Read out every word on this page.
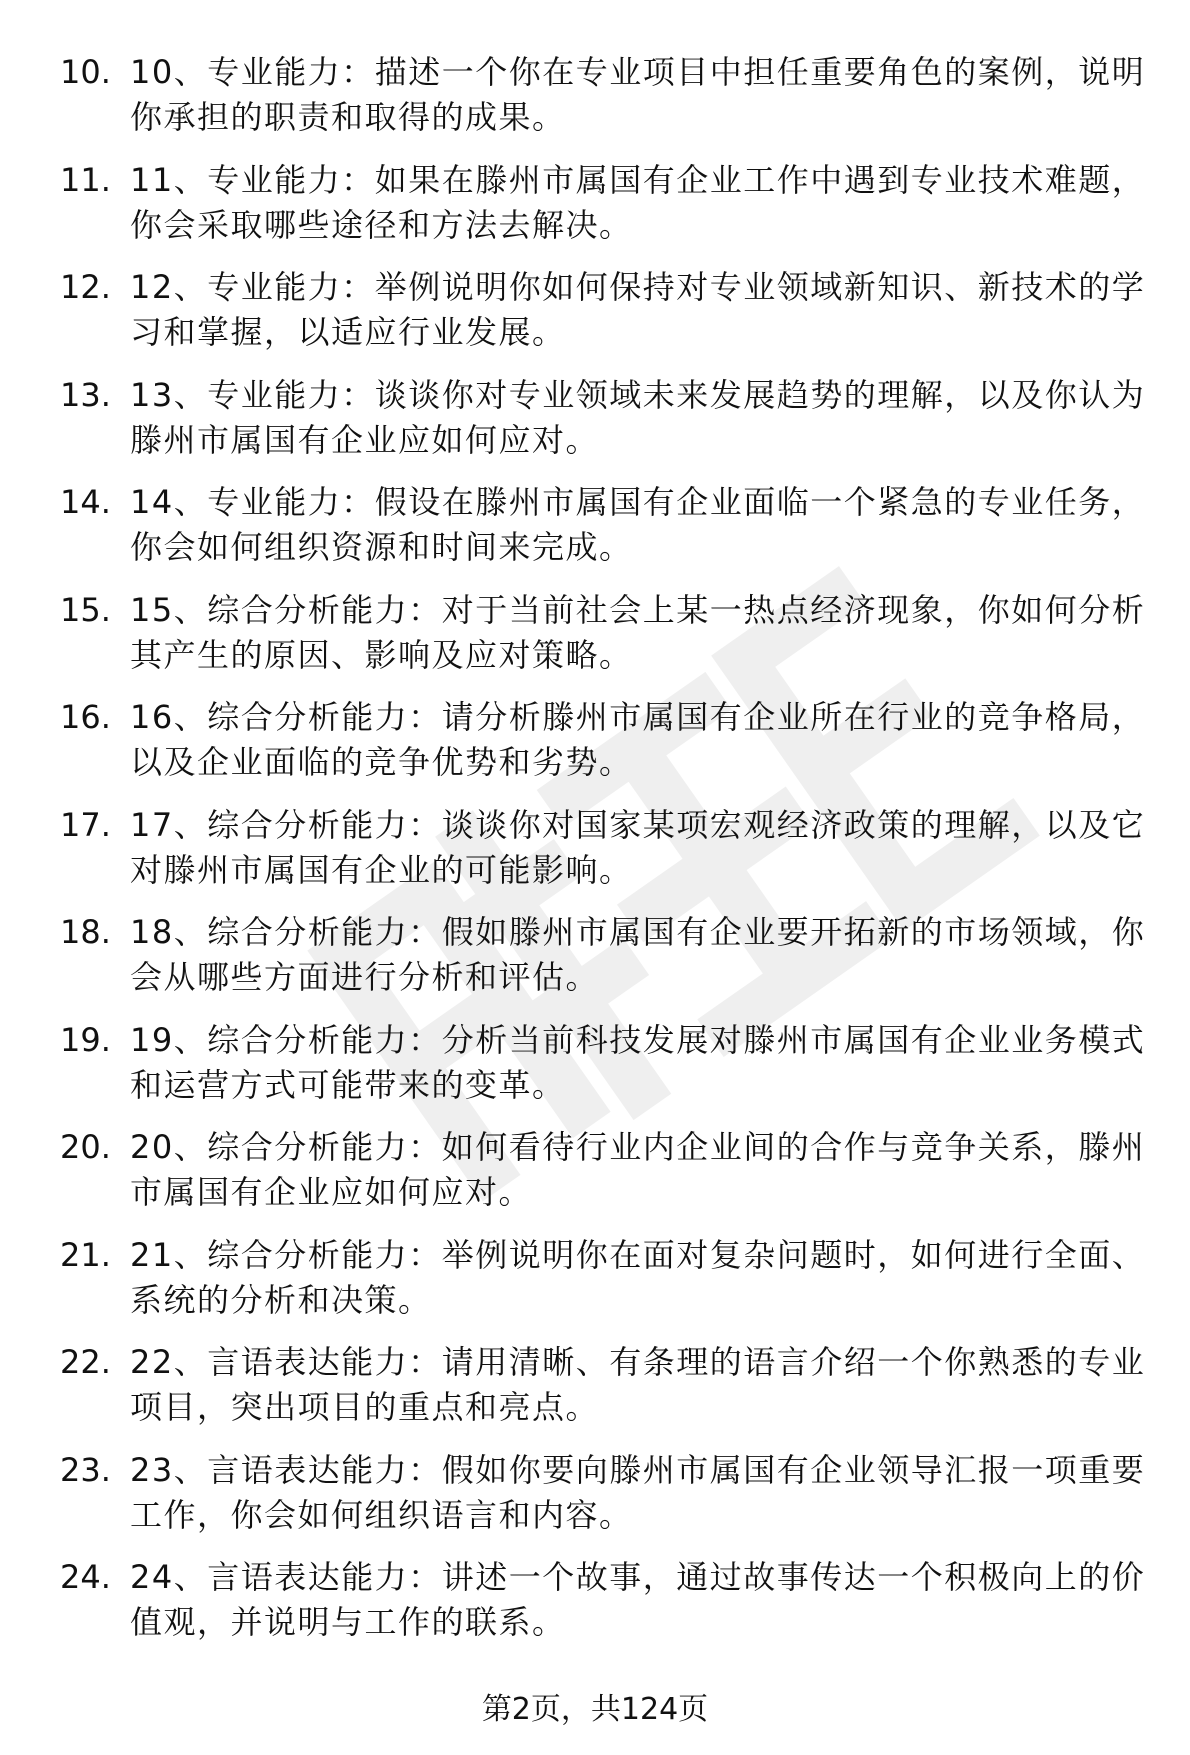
10. 10、专业能力：描述一个你在专业项目中担任重要角色的案例，说明你承担的职责和取得的成果。
11. 11、专业能力：如果在滕州市属国有企业工作中遇到专业技术难题，你会采取哪些途径和方法去解决。
12. 12、专业能力：举例说明你如何保持对专业领域新知识、新技术的学习和掌握，以适应行业发展。
13. 13、专业能力：谈谈你对专业领域未来发展趋势的理解，以及你认为滕州市属国有企业应如何应对。
14. 14、专业能力：假设在滕州市属国有企业面临一个紧急的专业任务，你会如何组织资源和时间来完成。
15. 15、综合分析能力：对于当前社会上某一热点经济现象，你如何分析其产生的原因、影响及应对策略。
16. 16、综合分析能力：请分析滕州市属国有企业所在行业的竞争格局，以及企业面临的竞争优势和劣势。
17. 17、综合分析能力：谈谈你对国家某项宏观经济政策的理解，以及它对滕州市属国有企业的可能影响。
18. 18、综合分析能力：假如滕州市属国有企业要开拓新的市场领域，你会从哪些方面进行分析和评估。
19. 19、综合分析能力：分析当前科技发展对滕州市属国有企业业务模式和运营方式可能带来的变革。
20. 20、综合分析能力：如何看待行业内企业间的合作与竞争关系，滕州市属国有企业应如何应对。
21. 21、综合分析能力：举例说明你在面对复杂问题时，如何进行全面、系统的分析和决策。
22. 22、言语表达能力：请用清晰、有条理的语言介绍一个你熟悉的专业项目，突出项目的重点和亮点。
23. 23、言语表达能力：假如你要向滕州市属国有企业领导汇报一项重要工作，你会如何组织语言和内容。
24. 24、言语表达能力：讲述一个故事，通过故事传达一个积极向上的价值观，并说明与工作的联系。
第2页，共124页
